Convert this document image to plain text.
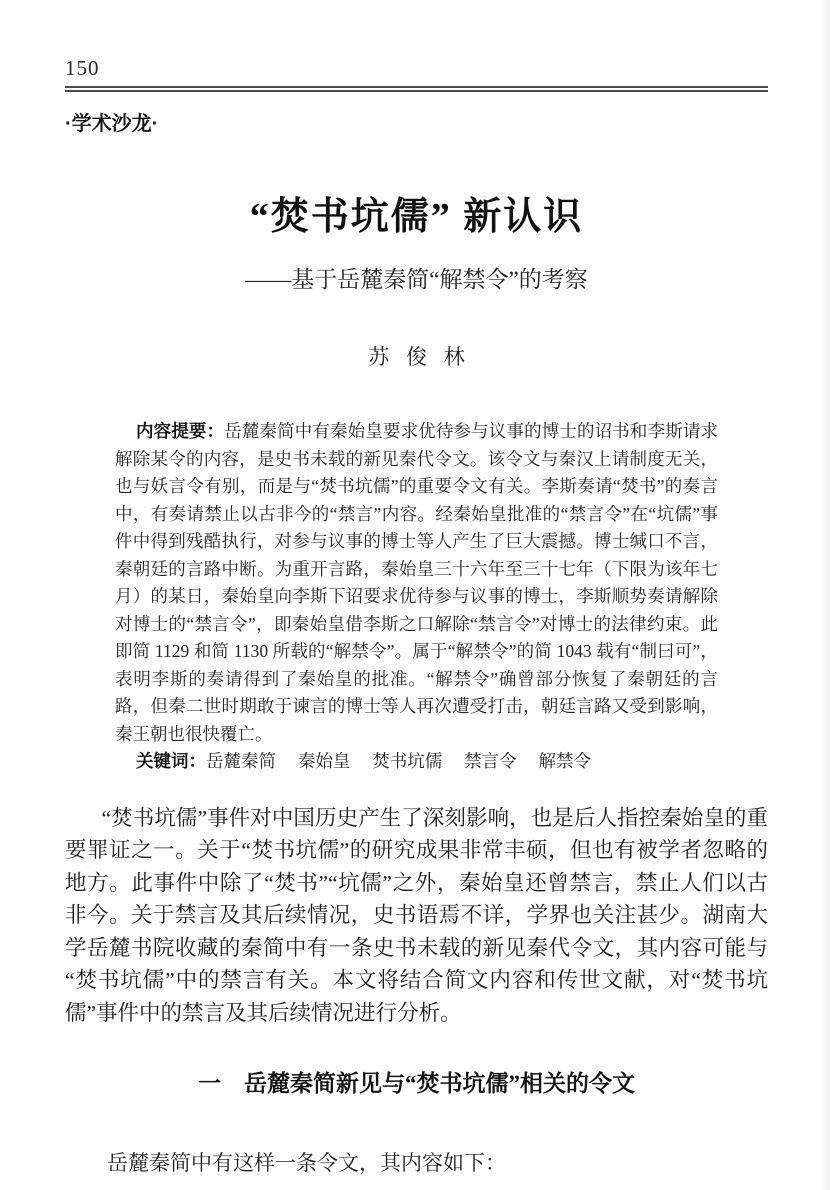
150
·学术沙龙·
“焚书坑儒” 新认识
——基于岳麓秦简“解禁令”的考察
苏俊林

内容提要：岳麓秦简中有秦始皇要求优待参与议事的博士的诏书和李斯请求解除某令的内容，是史书未载的新见秦代令文。该令文与秦汉上请制度无关，也与妖言令有别，而是与“焚书坑儒”的重要令文有关。李斯奏请“焚书”的奏言中，有奏请禁止以古非今的“禁言”内容。经秦始皇批准的“禁言令”在“坑儒”事件中得到残酷执行，对参与议事的博士等人产生了巨大震撼。博士缄口不言，秦朝廷的言路中断。为重开言路，秦始皇三十六年至三十七年（下限为该年七月）的某日，秦始皇向李斯下诏要求优待参与议事的博士，李斯顺势奏请解除对博士的“禁言令”，即秦始皇借李斯之口解除“禁言令”对博士的法律约束。此即简 1129 和简 1130 所载的“解禁令”。属于“解禁令”的简 1043 载有“制曰可”，表明李斯的奏请得到了秦始皇的批准。“解禁令”确曾部分恢复了秦朝廷的言路，但秦二世时期敢于谏言的博士等人再次遭受打击，朝廷言路又受到影响，秦王朝也很快覆亡。

关键词：岳麓秦简 秦始皇 焚书坑儒 禁言令 解禁令

“焚书坑儒”事件对中国历史产生了深刻影响，也是后人指控秦始皇的重要罪证之一。关于“焚书坑儒”的研究成果非常丰硕，但也有被学者忽略的地方。此事件中除了“焚书”“坑儒”之外，秦始皇还曾禁言，禁止人们以古非今。关于禁言及其后续情况，史书语焉不详，学界也关注甚少。湖南大学岳麓书院收藏的秦简中有一条史书未载的新见秦代令文，其内容可能与“焚书坑儒”中的禁言有关。本文将结合简文内容和传世文献，对“焚书坑儒”事件中的禁言及其后续情况进行分析。

一　岳麓秦简新见与“焚书坑儒”相关的令文

岳麓秦简中有这样一条令文，其内容如下：
